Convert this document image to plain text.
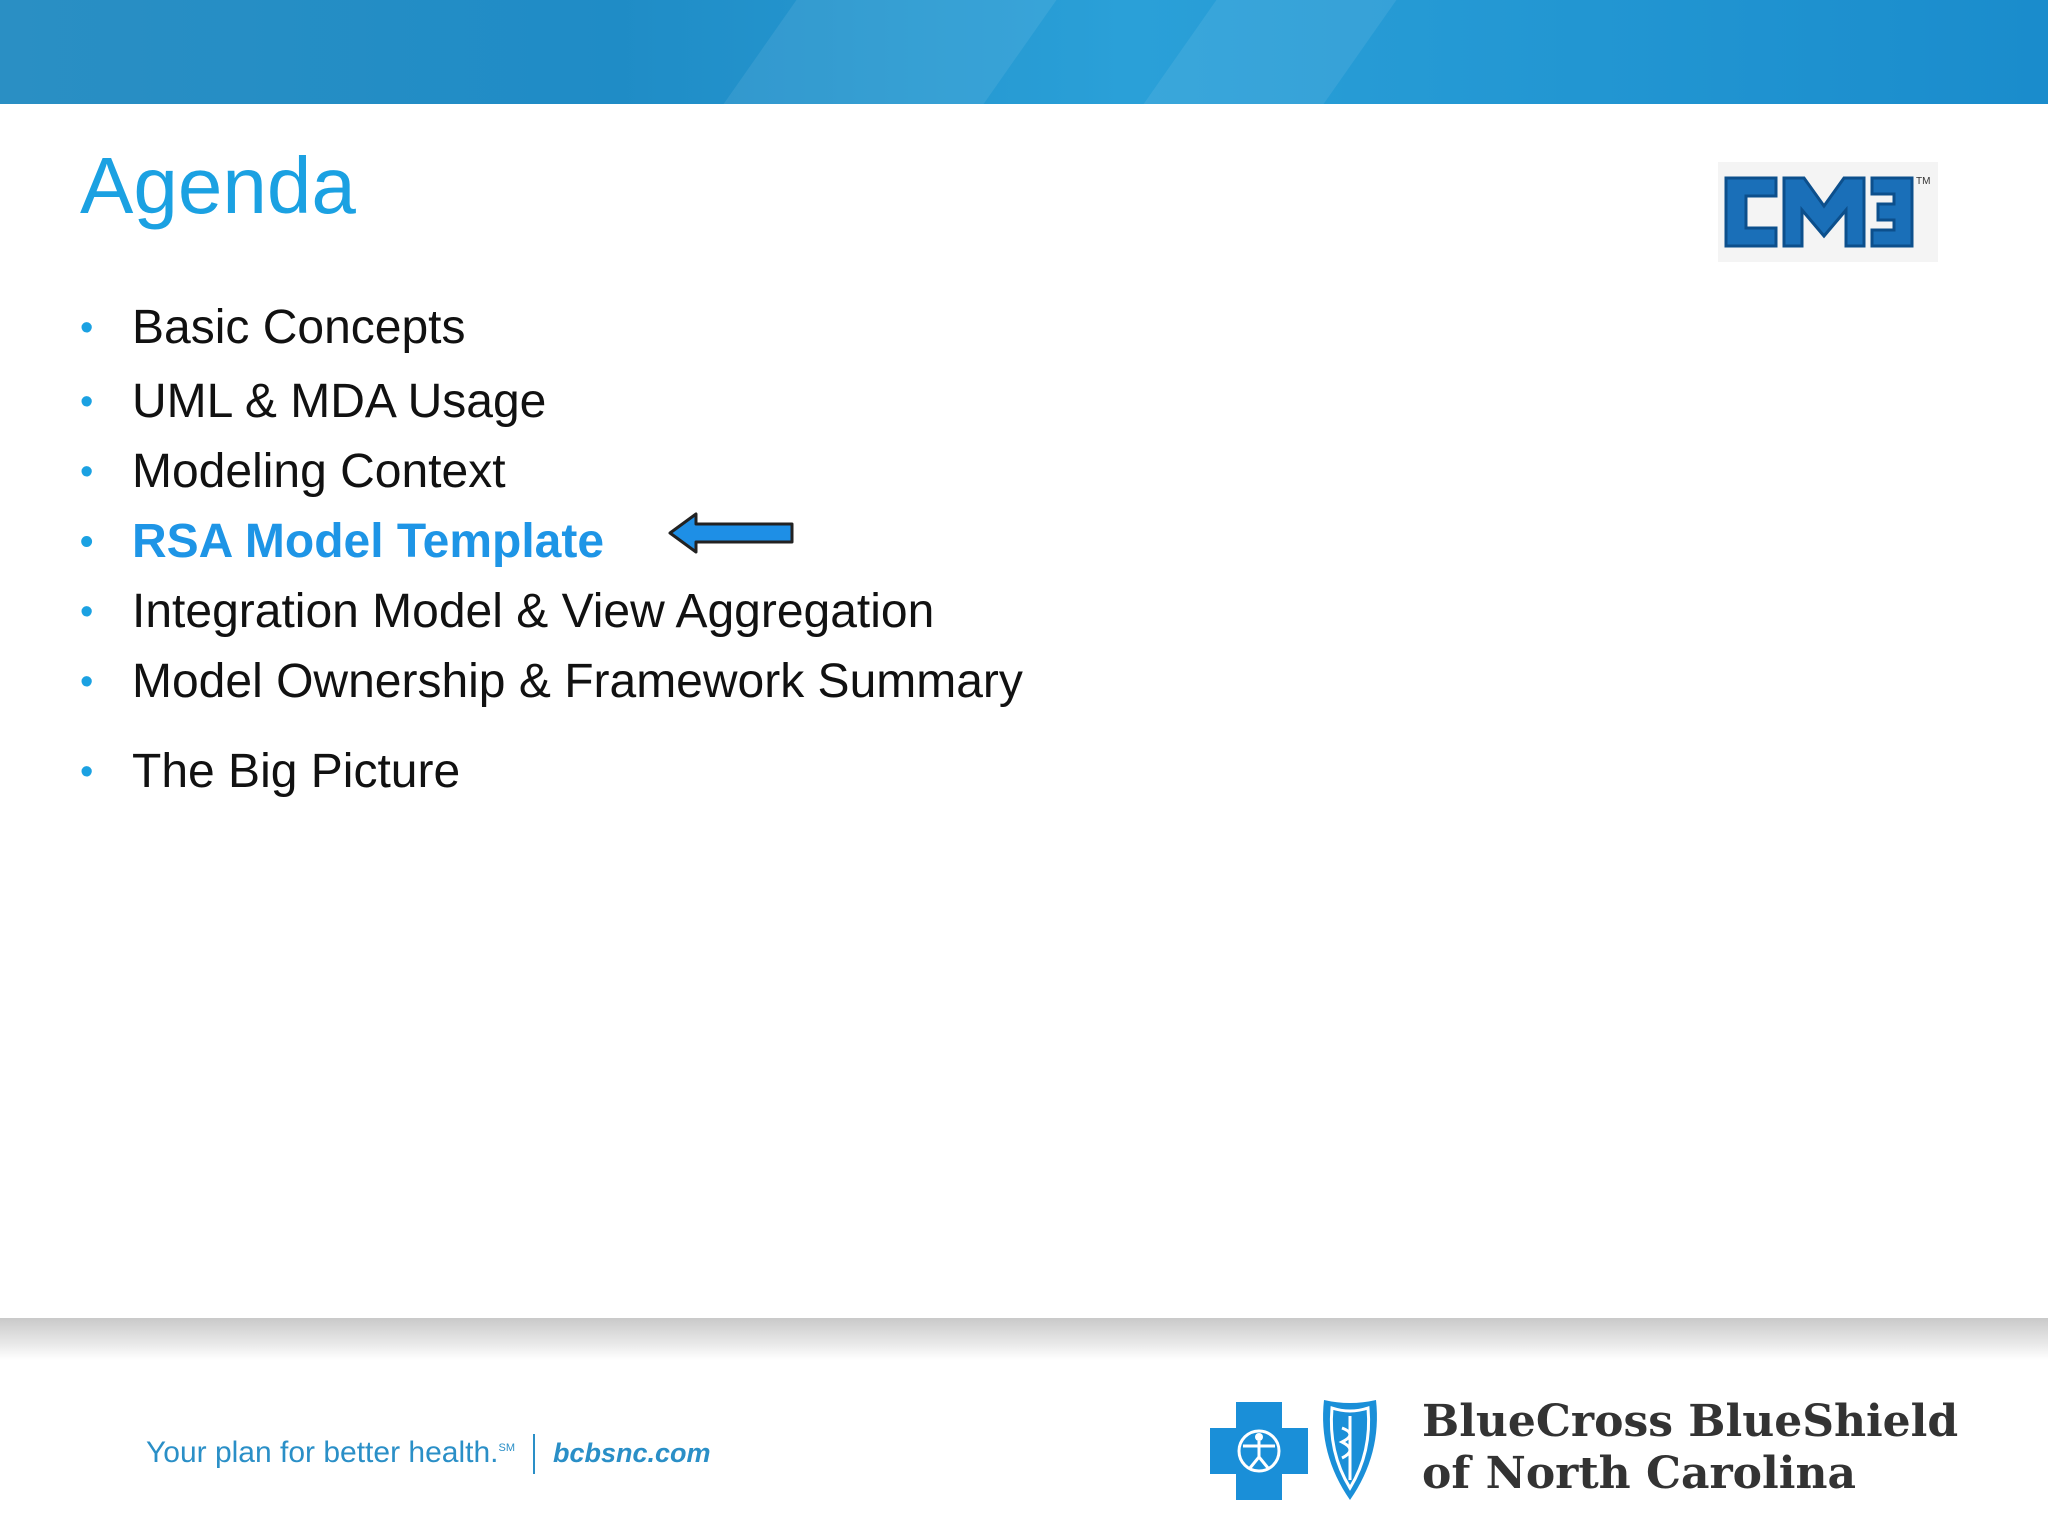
Agenda	TM
• Basic Concepts
• UML & MDA Usage
• Modeling Context
• RSA Model Template
• Integration Model & View Aggregation
• Model Ownership & Framework Summary
• The Big Picture
Your plan for better health.℠ bcbsnc.com
BlueCross BlueShield
of North Carolina
